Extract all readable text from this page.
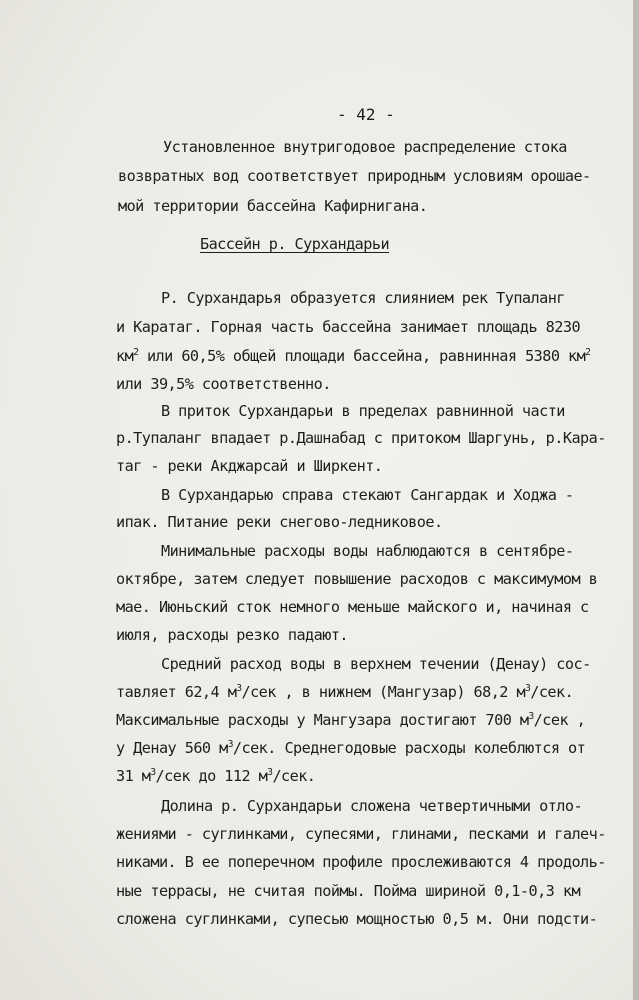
- 42 -
Установленное внутригодовое распределение стока
возвратных вод соответствует природным условиям орошае-
мой территории бассейна Кафирнигана.
Бассейн р. Сурхандарьи
Р. Сурхандарья образуется слиянием рек Тупаланг
и Каратаг. Горная часть бассейна занимает площадь 8230
$км^2$ или 60,5% общей площади бассейна, равнинная 5380 $км^2$
или 39,5% соответственно.
В приток Сурхандарьи в пределах равнинной части
р.Тупаланг впадает р.Дашнабад с притоком Шаргунь, р.Кара-
таг - реки Акджарсай и Ширкент.
В Сурхандарью справа стекают Сангардак и Ходжа -
ипак. Питание реки снегово-ледниковое.
Минимальные расходы воды наблюдаются в сентябре-
октябре, затем следует повышение расходов с максимумом в
мае. Июньский сток немного меньше майского и, начиная с
июля, расходы резко падают.
Средний расход воды в верхнем течении (Денау) сос-
тавляет 62,4 $м^3$/сек , в нижнем (Мангузар) 68,2 $м^3$/сек.
Максимальные расходы у Мангузара достигают 700 $м^3$/сек ,
у Денау 560 $м^3$/сек. Среднегодовые расходы колеблются от
31 $м^3$/сек до 112 $м^3$/сек.
Долина р. Сурхандарьи сложена четвертичными отло-
жениями - суглинками, супесями, глинами, песками и галеч-
никами. В ее поперечном профиле прослеживаются 4 продоль-
ные террасы, не считая поймы. Пойма шириной 0,1-0,3 км
сложена суглинками, супесью мощностью 0,5 м. Они подсти-
